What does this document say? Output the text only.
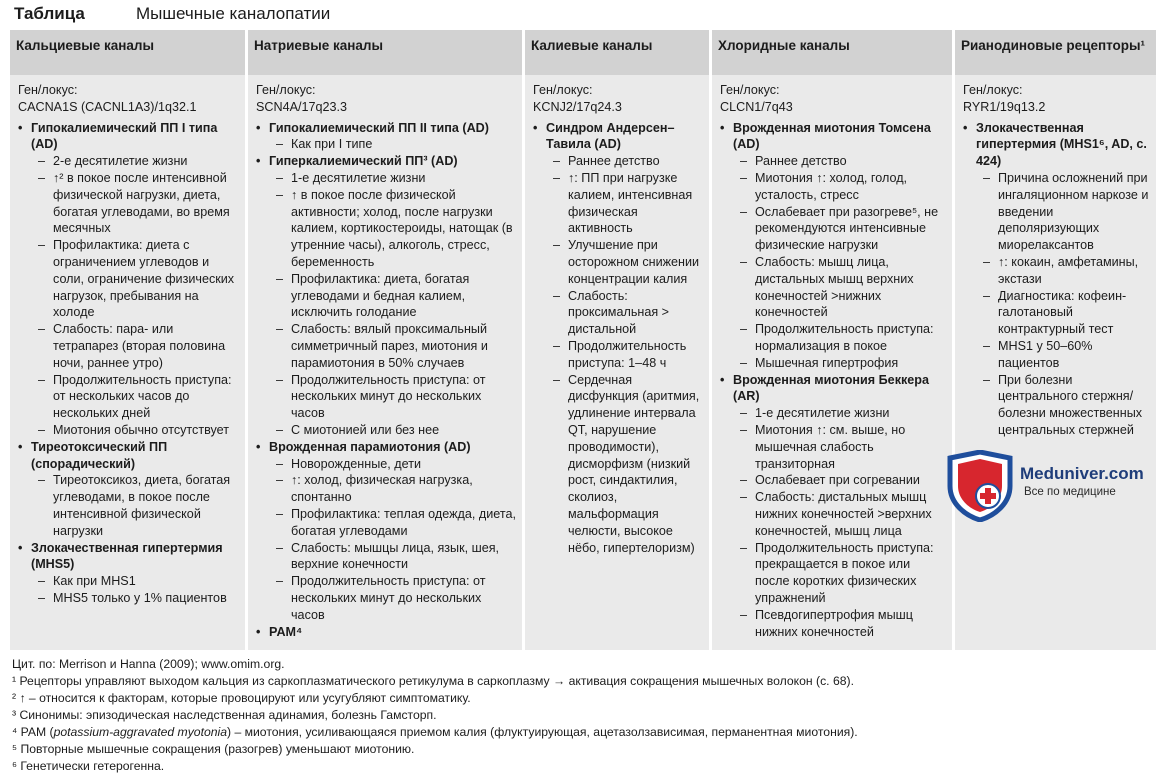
Таблица	Мышечные каналопатии
Кальциевые каналы
Ген/локус:
CACNA1S (CACNL1A3)/1q32.1
• Гипокалиемический ПП I типа (AD)
– 2-е десятилетие жизни
– ↑² в покое после интенсивной физической нагрузки, диета, богатая углеводами, во время месячных
– Профилактика: диета с ограничением углеводов и соли, ограничение физических нагрузок, пребывания на холоде
– Слабость: пара- или тетрапарез (вторая половина ночи, раннее утро)
– Продолжительность приступа: от нескольких часов до нескольких дней
– Миотония обычно отсутствует
• Тиреотоксический ПП (спорадический)
– Тиреотоксикоз, диета, богатая углеводами, в покое после интенсивной физической нагрузки
• Злокачественная гипертермия (MHS5)
– Как при MHS1
– MHS5 только у 1% пациентов
Натриевые каналы
Ген/локус:
SCN4A/17q23.3
• Гипокалиемический ПП II типа (AD)
– Как при I типе
• Гиперкалиемический ПП³ (AD)
– 1-е десятилетие жизни
– ↑ в покое после физической активности; холод, после нагрузки калием, кортикостероиды, натощак (в утренние часы), алкоголь, стресс, беременность
– Профилактика: диета, богатая углеводами и бедная калием, исключить голодание
– Слабость: вялый проксимальный симметричный парез, миотония и парамиотония в 50% случаев
– Продолжительность приступа: от нескольких минут до нескольких часов
– С миотонией или без нее
• Врожденная парамиотония (AD)
– Новорожденные, дети
– ↑: холод, физическая нагрузка, спонтанно
– Профилактика: теплая одежда, диета, богатая углеводами
– Слабость: мышцы лица, язык, шея, верхние конечности
– Продолжительность приступа: от нескольких минут до нескольких часов
• PAM⁴
Калиевые каналы
Ген/локус:
KCNJ2/17q24.3
• Синдром Андерсен–Тавила (AD)
– Раннее детство
– ↑: ПП при нагрузке калием, интенсивная физическая активность
– Улучшение при осторожном снижении концентрации калия
– Слабость: проксимальная > дистальной
– Продолжительность приступа: 1–48 ч
– Сердечная дисфункция (аритмия, удлинение интервала QT, нарушение проводимости), дисморфизм (низкий рост, синдактилия, сколиоз, мальформация челюсти, высокое нёбо, гипертелоризм)
Хлоридные каналы
Ген/локус:
CLCN1/7q43
• Врожденная миотония Томсена (AD)
– Раннее детство
– Миотония ↑: холод, голод, усталость, стресс
– Ослабевает при разогреве⁵, не рекомендуются интенсивные физические нагрузки
– Слабость: мышц лица, дистальных мышц верхних конечностей >нижних конечностей
– Продолжительность приступа: нормализация в покое
– Мышечная гипертрофия
• Врожденная миотония Беккера (AR)
– 1-е десятилетие жизни
– Миотония ↑: см. выше, но мышечная слабость транзиторная
– Ослабевает при согревании
– Слабость: дистальных мышц нижних конечностей >верхних конечностей, мышц лица
– Продолжительность приступа: прекращается в покое или после коротких физических упражнений
– Псевдогипертрофия мышц нижних конечностей
Рианодиновые рецепторы¹
Ген/локус:
RYR1/19q13.2
• Злокачественная гипертермия (MHS1⁶, AD, с. 424)
– Причина осложнений при ингаляционном наркозе и введении деполяризующих миорелаксантов
– ↑: кокаин, амфетамины, экстази
– Диагностика: кофеин-галотановый контрактурный тест
– MHS1 у 50–60% пациентов
– При болезни центрального стержня/болезни множественных центральных стержней
Meduniver.com
Все по медицине
Цит. по: Merrison и Hanna (2009); www.omim.org.
¹ Рецепторы управляют выходом кальция из саркоплазматического ретикулума в саркоплазму → активация сокращения мышечных волокон (с. 68).
² ↑ – относится к факторам, которые провоцируют или усугубляют симптоматику.
³ Синонимы: эпизодическая наследственная адинамия, болезнь Гамсторп.
⁴ PAM (potassium-aggravated myotonia) – миотония, усиливающаяся приемом калия (флуктуирующая, ацетазолзависимая, перманентная миотония).
⁵ Повторные мышечные сокращения (разогрев) уменьшают миотонию.
⁶ Генетически гетерогенна.
